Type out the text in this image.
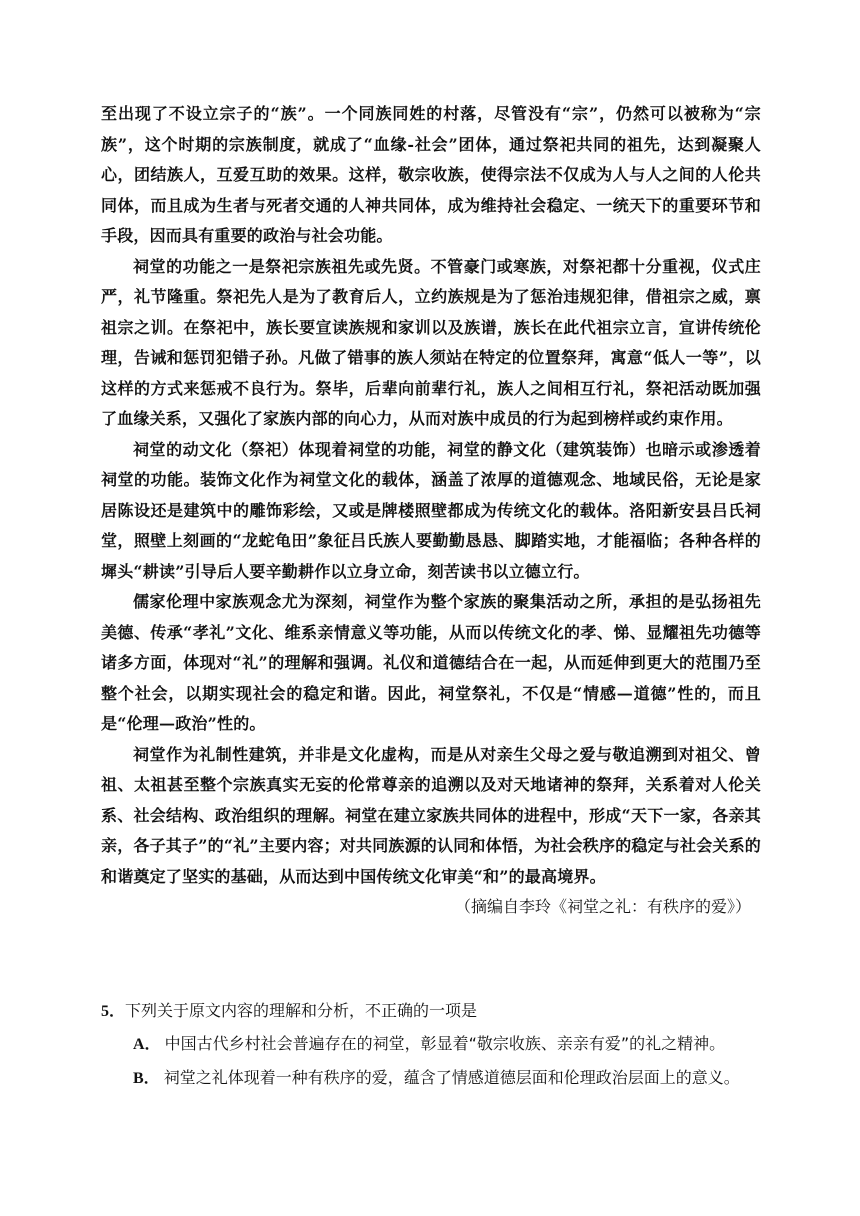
至出现了不设立宗子的“族”。一个同族同姓的村落，尽管没有“宗”，仍然可以被称为“宗族”，这个时期的宗族制度，就成了“血缘-社会”团体，通过祭祀共同的祖先，达到凝聚人心，团结族人，互爱互助的效果。这样，敬宗收族，使得宗法不仅成为人与人之间的人伦共同体，而且成为生者与死者交通的人神共同体，成为维持社会稳定、一统天下的重要环节和手段，因而具有重要的政治与社会功能。

祠堂的功能之一是祭祀宗族祖先或先贤。不管豪门或寒族，对祭祀都十分重视，仪式庄严，礼节隆重。祭祀先人是为了教育后人，立约族规是为了惩治违规犯律，借祖宗之威，禀祖宗之训。在祭祀中，族长要宣读族规和家训以及族谱，族长在此代祖宗立言，宣讲传统伦理，告诫和惩罚犯错子孙。凡做了错事的族人须站在特定的位置祭拜，寓意“低人一等”，以这样的方式来惩戒不良行为。祭毕，后辈向前辈行礼，族人之间相互行礼，祭祀活动既加强了血缘关系，又强化了家族内部的向心力，从而对族中成员的行为起到榜样或约束作用。

祠堂的动文化（祭祀）体现着祠堂的功能，祠堂的静文化（建筑装饰）也暗示或渗透着祠堂的功能。装饰文化作为祠堂文化的载体，涵盖了浓厚的道德观念、地域民俗，无论是家居陈设还是建筑中的雕饰彩绘，又或是牌楼照壁都成为传统文化的载体。洛阳新安县吕氏祠堂，照壁上刻画的“龙蛇龟田”象征吕氏族人要勤勤恳恳、脚踏实地，才能福临；各种各样的墀头“耕读”引导后人要辛勤耕作以立身立命，刻苦读书以立德立行。

儒家伦理中家族观念尤为深刻，祠堂作为整个家族的聚集活动之所，承担的是弘扬祖先美德、传承“孝礼”文化、维系亲情意义等功能，从而以传统文化的孝、悌、显耀祖先功德等诸多方面，体现对“礼”的理解和强调。礼仪和道德结合在一起，从而延伸到更大的范围乃至整个社会，以期实现社会的稳定和谐。因此，祠堂祭礼，不仅是“情感—道德”性的，而且是“伦理—政治”性的。

祠堂作为礼制性建筑，并非是文化虚构，而是从对亲生父母之爱与敬追溯到对祖父、曾祖、太祖甚至整个宗族真实无妄的伦常尊亲的追溯以及对天地诸神的祭拜，关系着对人伦关系、社会结构、政治组织的理解。祠堂在建立家族共同体的进程中，形成“天下一家，各亲其亲，各子其子”的“礼”主要内容；对共同族源的认同和体悟，为社会秩序的稳定与社会关系的和谐奠定了坚实的基础，从而达到中国传统文化审美“和”的最高境界。

（摘编自李玲《祠堂之礼：有秩序的爱》）

5．下列关于原文内容的理解和分析，不正确的一项是

A． 中国古代乡村社会普遍存在的祠堂，彰显着“敬宗收族、亲亲有爱”的礼之精神。

B． 祠堂之礼体现着一种有秩序的爱，蕴含了情感道德层面和伦理政治层面上的意义。
